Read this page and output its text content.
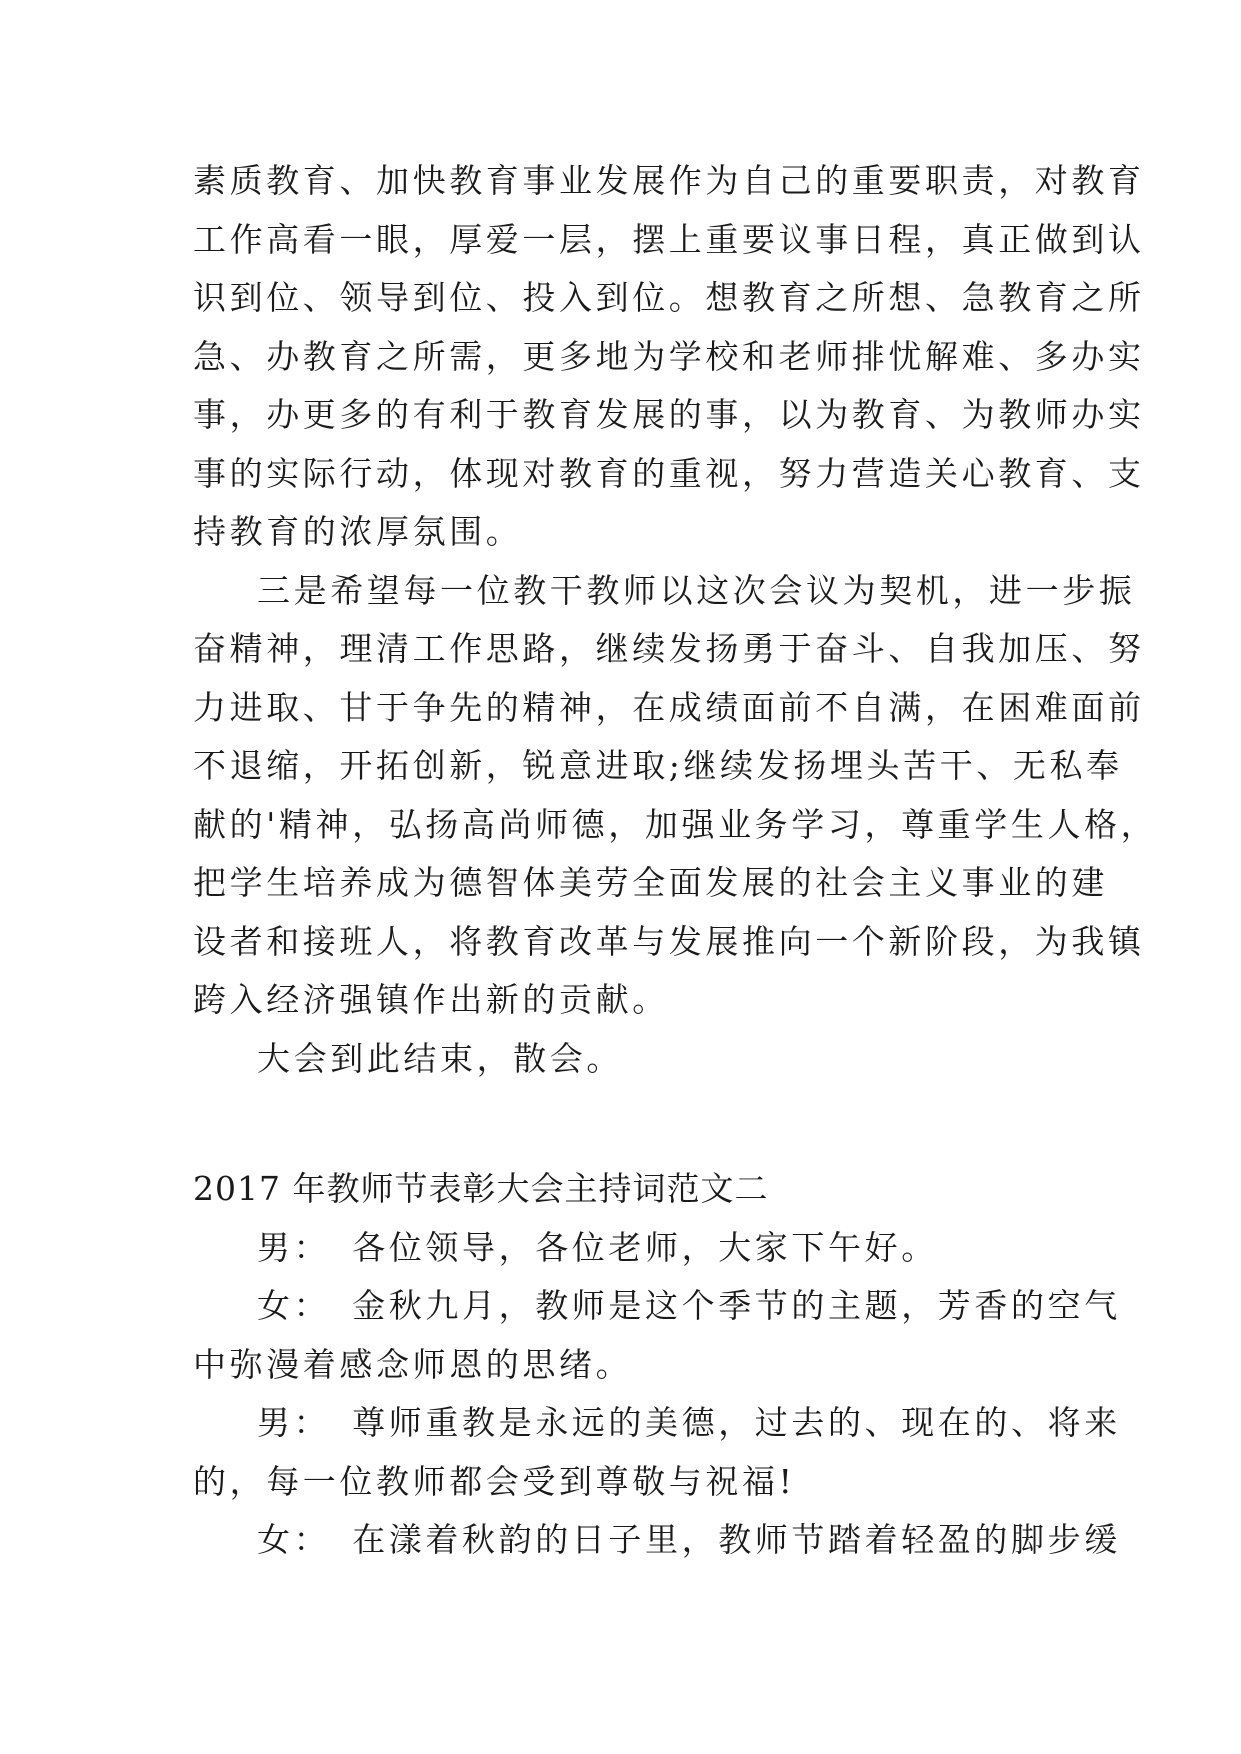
素质教育、加快教育事业发展作为自己的重要职责，对教育
工作高看一眼，厚爱一层，摆上重要议事日程，真正做到认
识到位、领导到位、投入到位。想教育之所想、急教育之所
急、办教育之所需，更多地为学校和老师排忧解难、多办实
事，办更多的有利于教育发展的事，以为教育、为教师办实
事的实际行动，体现对教育的重视，努力营造关心教育、支
持教育的浓厚氛围。
三是希望每一位教干教师以这次会议为契机，进一步振
奋精神，理清工作思路，继续发扬勇于奋斗、自我加压、努
力进取、甘于争先的精神，在成绩面前不自满，在困难面前
不退缩，开拓创新，锐意进取;继续发扬埋头苦干、无私奉
献的'精神，弘扬高尚师德，加强业务学习，尊重学生人格，
把学生培养成为德智体美劳全面发展的社会主义事业的建
设者和接班人，将教育改革与发展推向一个新阶段，为我镇
跨入经济强镇作出新的贡献。
大会到此结束，散会。
2017 年教师节表彰大会主持词范文二
男： 各位领导，各位老师，大家下午好。
女： 金秋九月，教师是这个季节的主题，芳香的空气
中弥漫着感念师恩的思绪。
男： 尊师重教是永远的美德，过去的、现在的、将来
的，每一位教师都会受到尊敬与祝福!
女： 在漾着秋韵的日子里，教师节踏着轻盈的脚步缓
